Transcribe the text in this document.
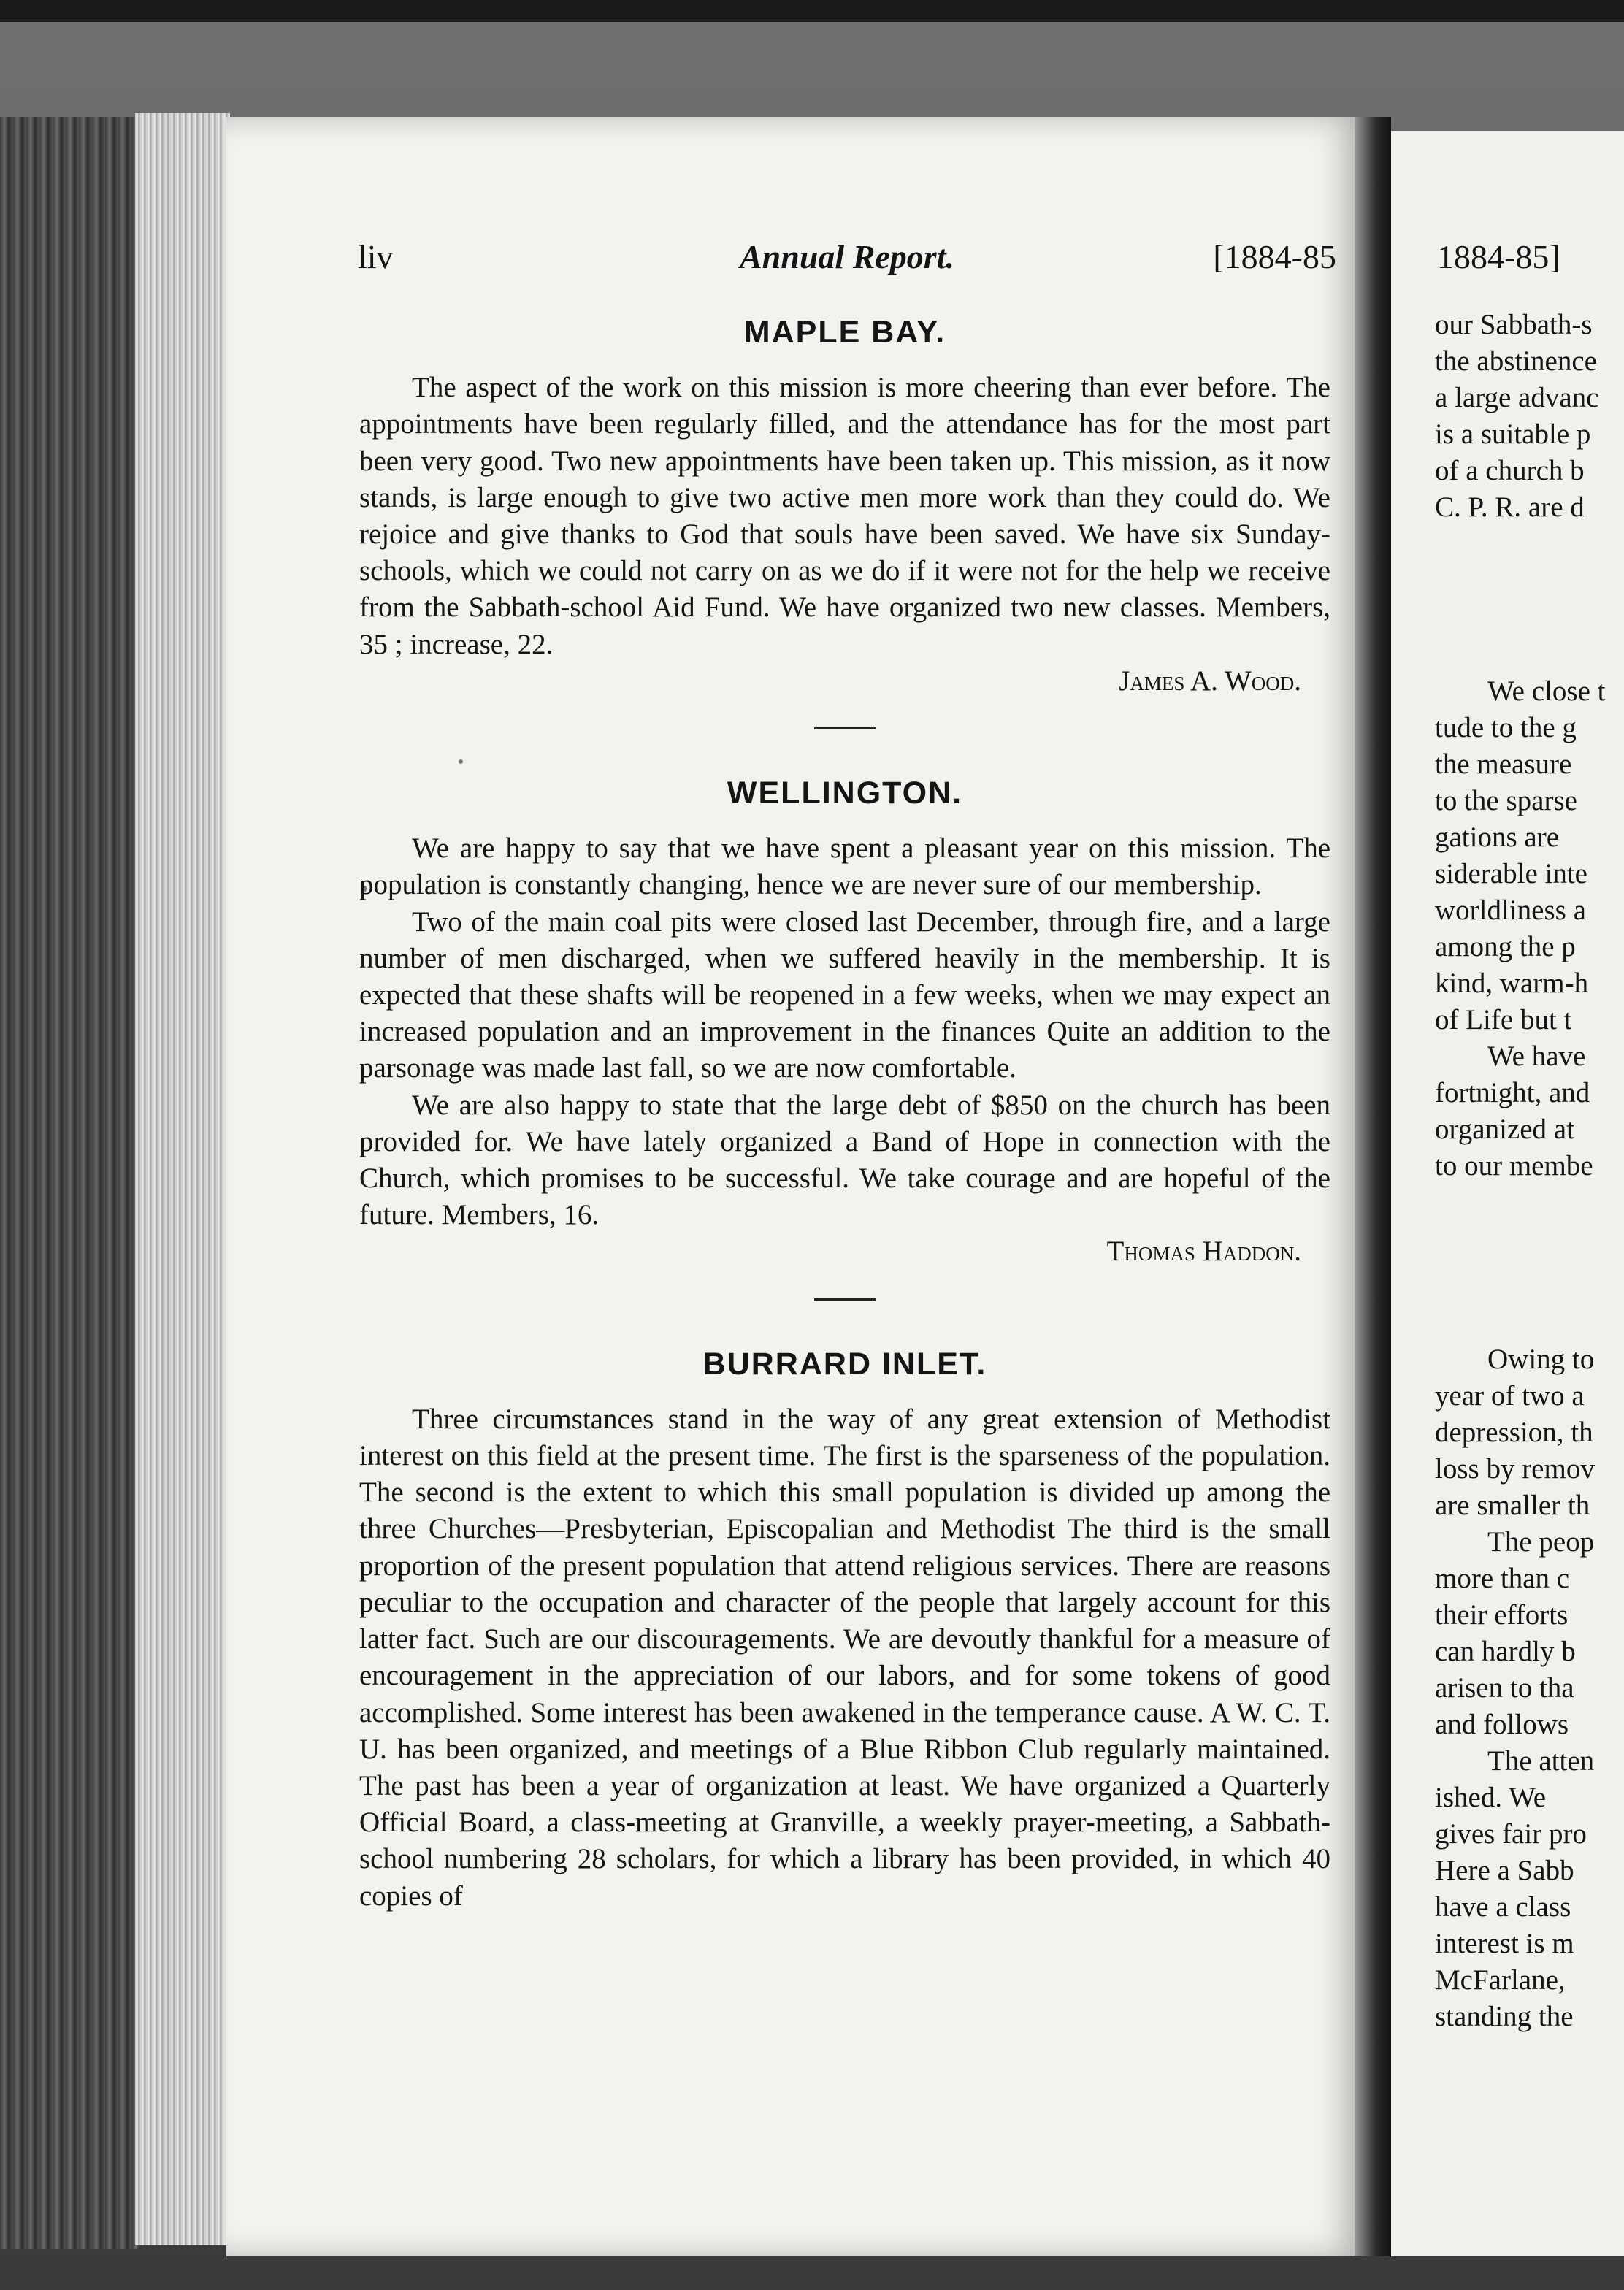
Annual Report.
liv	[1884-85
MAPLE BAY.

The aspect of the work on this mission is more cheering than ever before. The appointments have been regularly filled, and the attendance has for the most part been very good. Two new appointments have been taken up. This mission, as it now stands, is large enough to give two active men more work than they could do. We rejoice and give thanks to God that souls have been saved. We have six Sunday-schools, which we could not carry on as we do if it were not for the help we receive from the Sabbath-school Aid Fund. We have organized two new classes. Members, 35 ; increase, 22.

James A. Wood.
WELLINGTON.

We are happy to say that we have spent a pleasant year on this mission. The population is constantly changing, hence we are never sure of our membership.

Two of the main coal pits were closed last December, through fire, and a large number of men discharged, when we suffered heavily in the membership. It is expected that these shafts will be reopened in a few weeks, when we may expect an increased population and an improvement in the finances Quite an addition to the parsonage was made last fall, so we are now comfortable.

We are also happy to state that the large debt of $850 on the church has been provided for. We have lately organized a Band of Hope in connection with the Church, which promises to be successful. We take courage and are hopeful of the future. Members, 16.

Thomas Haddon.
BURRARD INLET.

Three circumstances stand in the way of any great extension of Methodist interest on this field at the present time. The first is the sparseness of the population. The second is the extent to which this small population is divided up among the three Churches—Presbyterian, Episcopalian and Methodist The third is the small proportion of the present population that attend religious services. There are reasons peculiar to the occupation and character of the people that largely account for this latter fact. Such are our discouragements. We are devoutly thankful for a measure of encouragement in the appreciation of our labors, and for some tokens of good accomplished. Some interest has been awakened in the temperance cause. A W. C. T. U. has been organized, and meetings of a Blue Ribbon Club regularly maintained. The past has been a year of organization at least. We have organized a Quarterly Official Board, a class-meeting at Granville, a weekly prayer-meeting, a Sabbath-school numbering 28 scholars, for which a library has been provided, in which 40 copies of

1884-85]
our Sabbath-s
the abstinence
a large advanc
is a suitable p
of a church b
C. P. R. are d
We close t
tude to the g
the measure
to the sparse
gations are
siderable inte
worldliness a
among the p
kind, warm-h
of Life but t
We have
fortnight, and
organized at
to our membe
Owing to
year of two a
depression, th
loss by remov
are smaller th
The peop
more than c
their efforts
can hardly b
arisen to tha
and follows
The atten
ished. We
gives fair pro
Here a Sabb
have a class
interest is m
McFarlane,
standing the
